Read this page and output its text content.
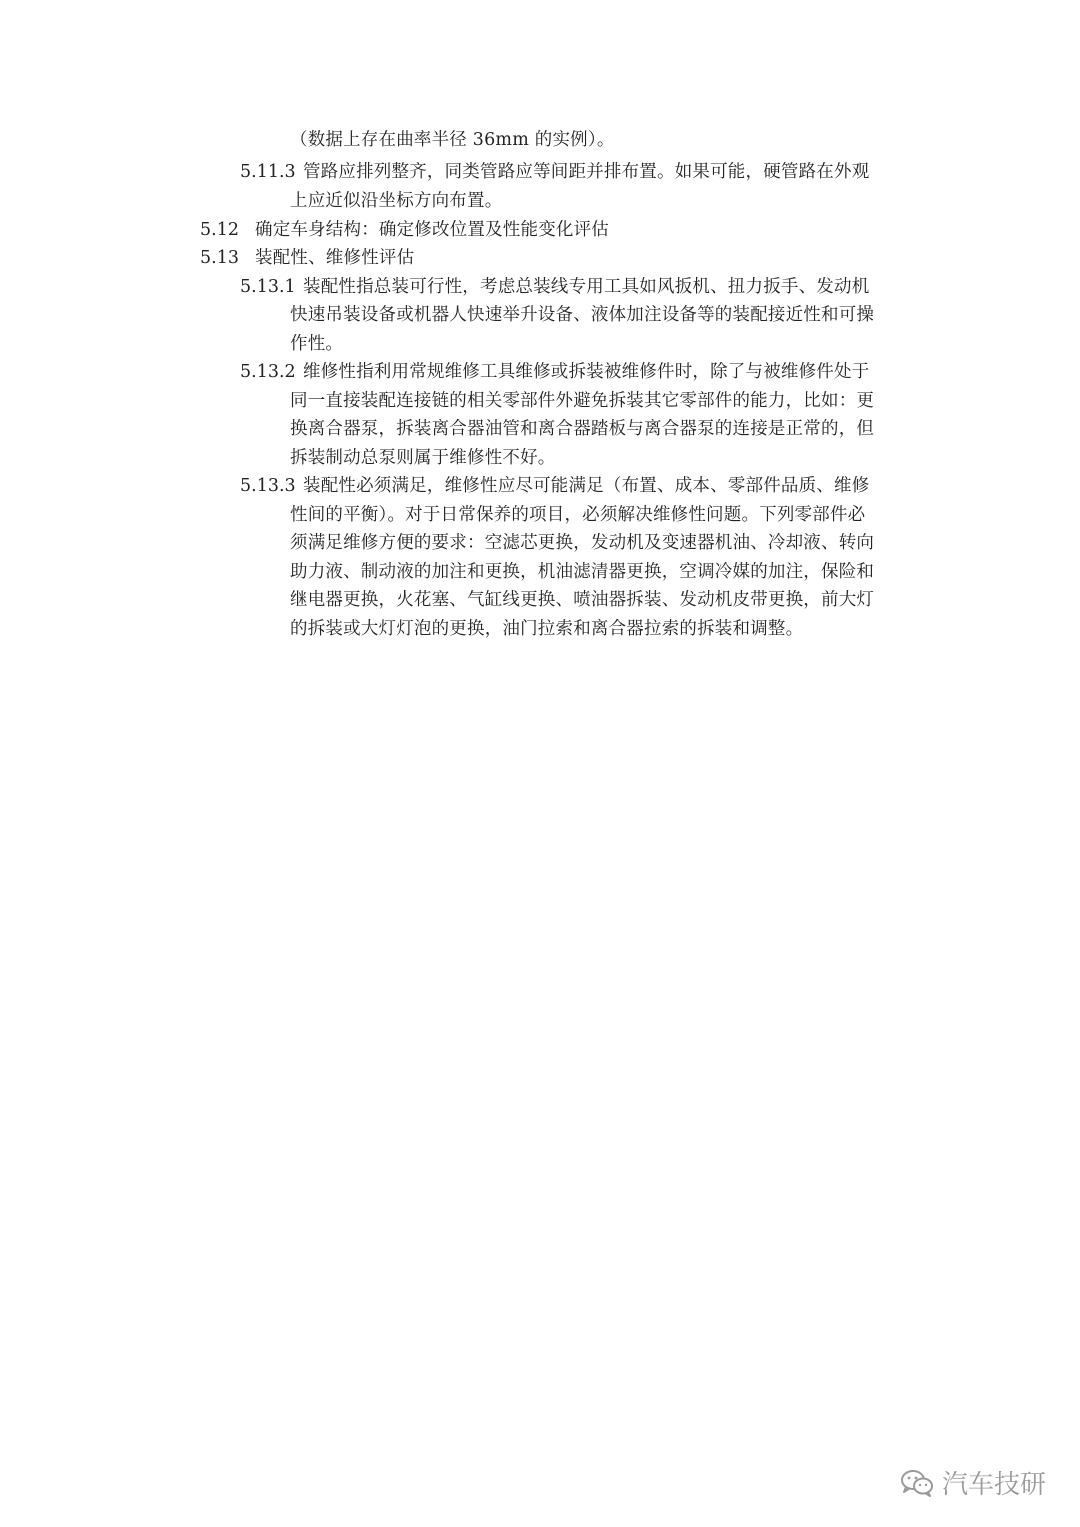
（数据上存在曲率半径 36mm 的实例）。
5.11.3 管路应排列整齐，同类管路应等间距并排布置。如果可能，硬管路在外观
上应近似沿坐标方向布置。
5.12 确定车身结构：确定修改位置及性能变化评估
5.13 装配性、维修性评估
5.13.1 装配性指总装可行性，考虑总装线专用工具如风扳机、扭力扳手、发动机
快速吊装设备或机器人快速举升设备、液体加注设备等的装配接近性和可操
作性。
5.13.2 维修性指利用常规维修工具维修或拆装被维修件时，除了与被维修件处于
同一直接装配连接链的相关零部件外避免拆装其它零部件的能力，比如：更
换离合器泵，拆装离合器油管和离合器踏板与离合器泵的连接是正常的，但
拆装制动总泵则属于维修性不好。
5.13.3 装配性必须满足，维修性应尽可能满足（布置、成本、零部件品质、维修
性间的平衡）。对于日常保养的项目，必须解决维修性问题。下列零部件必
须满足维修方便的要求：空滤芯更换，发动机及变速器机油、冷却液、转向
助力液、制动液的加注和更换，机油滤清器更换，空调冷媒的加注，保险和
继电器更换，火花塞、气缸线更换、喷油器拆装、发动机皮带更换，前大灯
的拆装或大灯灯泡的更换，油门拉索和离合器拉索的拆装和调整。
汽车技研
